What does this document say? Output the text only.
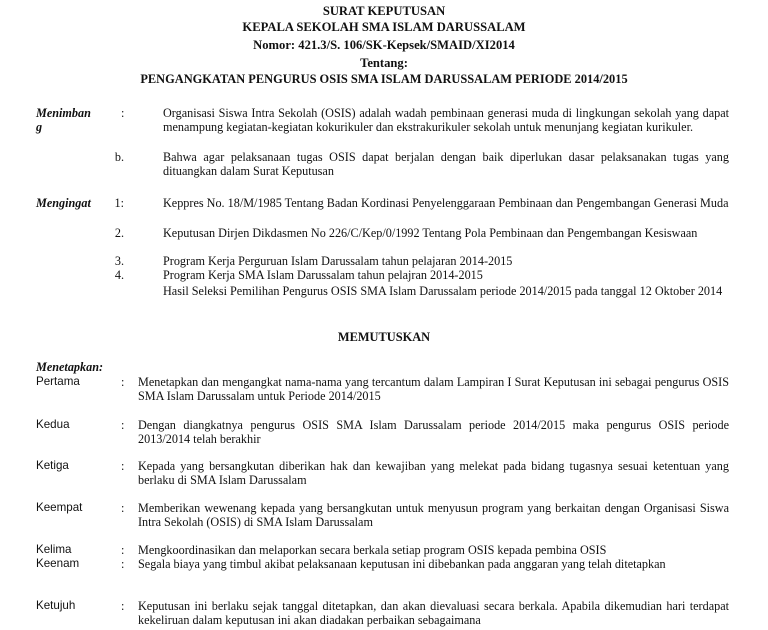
SURAT KEPUTUSAN
KEPALA SEKOLAH SMA ISLAM DARUSSALAM
Nomor: 421.3/S. 106/SK-Kepsek/SMAID/XI2014
Tentang:
PENGANGKATAN PENGURUS OSIS SMA ISLAM DARUSSALAM PERIODE 2014/2015
Menimban
g
:	Organisasi Siswa Intra Sekolah (OSIS) adalah wadah pembinaan generasi muda di lingkungan sekolah yang dapat menampung kegiatan-kegiatan kokurikuler dan ekstrakurikuler sekolah untuk menunjang kegiatan kurikuler.
b.	Bahwa agar pelaksanaan tugas OSIS dapat berjalan dengan baik diperlukan dasar pelaksanakan tugas yang dituangkan dalam Surat Keputusan
Mengingat	1:	Keppres No. 18/M/1985 Tentang Badan Kordinasi Penyelenggaraan Pembinaan dan Pengembangan Generasi Muda
2.	Keputusan Dirjen Dikdasmen No 226/C/Kep/0/1992 Tentang Pola Pembinaan dan Pengembangan Kesiswaan
3.	Program Kerja Perguruan Islam Darussalam tahun pelajaran 2014-2015
4.	Program Kerja SMA Islam Darussalam tahun pelajran 2014-2015
Hasil Seleksi Pemilihan Pengurus OSIS SMA Islam Darussalam periode 2014/2015 pada tanggal 12 Oktober 2014
MEMUTUSKAN
Menetapkan:
Pertama	: Menetapkan dan mengangkat nama-nama yang tercantum dalam Lampiran I Surat Keputusan ini sebagai pengurus OSIS SMA Islam Darussalam untuk Periode 2014/2015
Kedua	: Dengan diangkatnya pengurus OSIS SMA Islam Darussalam periode 2014/2015 maka pengurus OSIS periode 2013/2014 telah berakhir
Ketiga	: Kepada yang bersangkutan diberikan hak dan kewajiban yang melekat pada bidang tugasnya sesuai ketentuan yang berlaku di SMA Islam Darussalam
Keempat	: Memberikan wewenang kepada yang bersangkutan untuk menyusun program yang berkaitan dengan Organisasi Siswa Intra Sekolah (OSIS) di SMA Islam Darussalam
Kelima	: Mengkoordinasikan dan melaporkan secara berkala setiap program OSIS kepada pembina OSIS
Keenam	: Segala biaya yang timbul akibat pelaksanaan keputusan ini dibebankan pada anggaran yang telah ditetapkan
Ketujuh	: Keputusan ini berlaku sejak tanggal ditetapkan, dan akan dievaluasi secara berkala. Apabila dikemudian hari terdapat kekeliruan dalam keputusan ini akan diadakan perbaikan sebagaimana
